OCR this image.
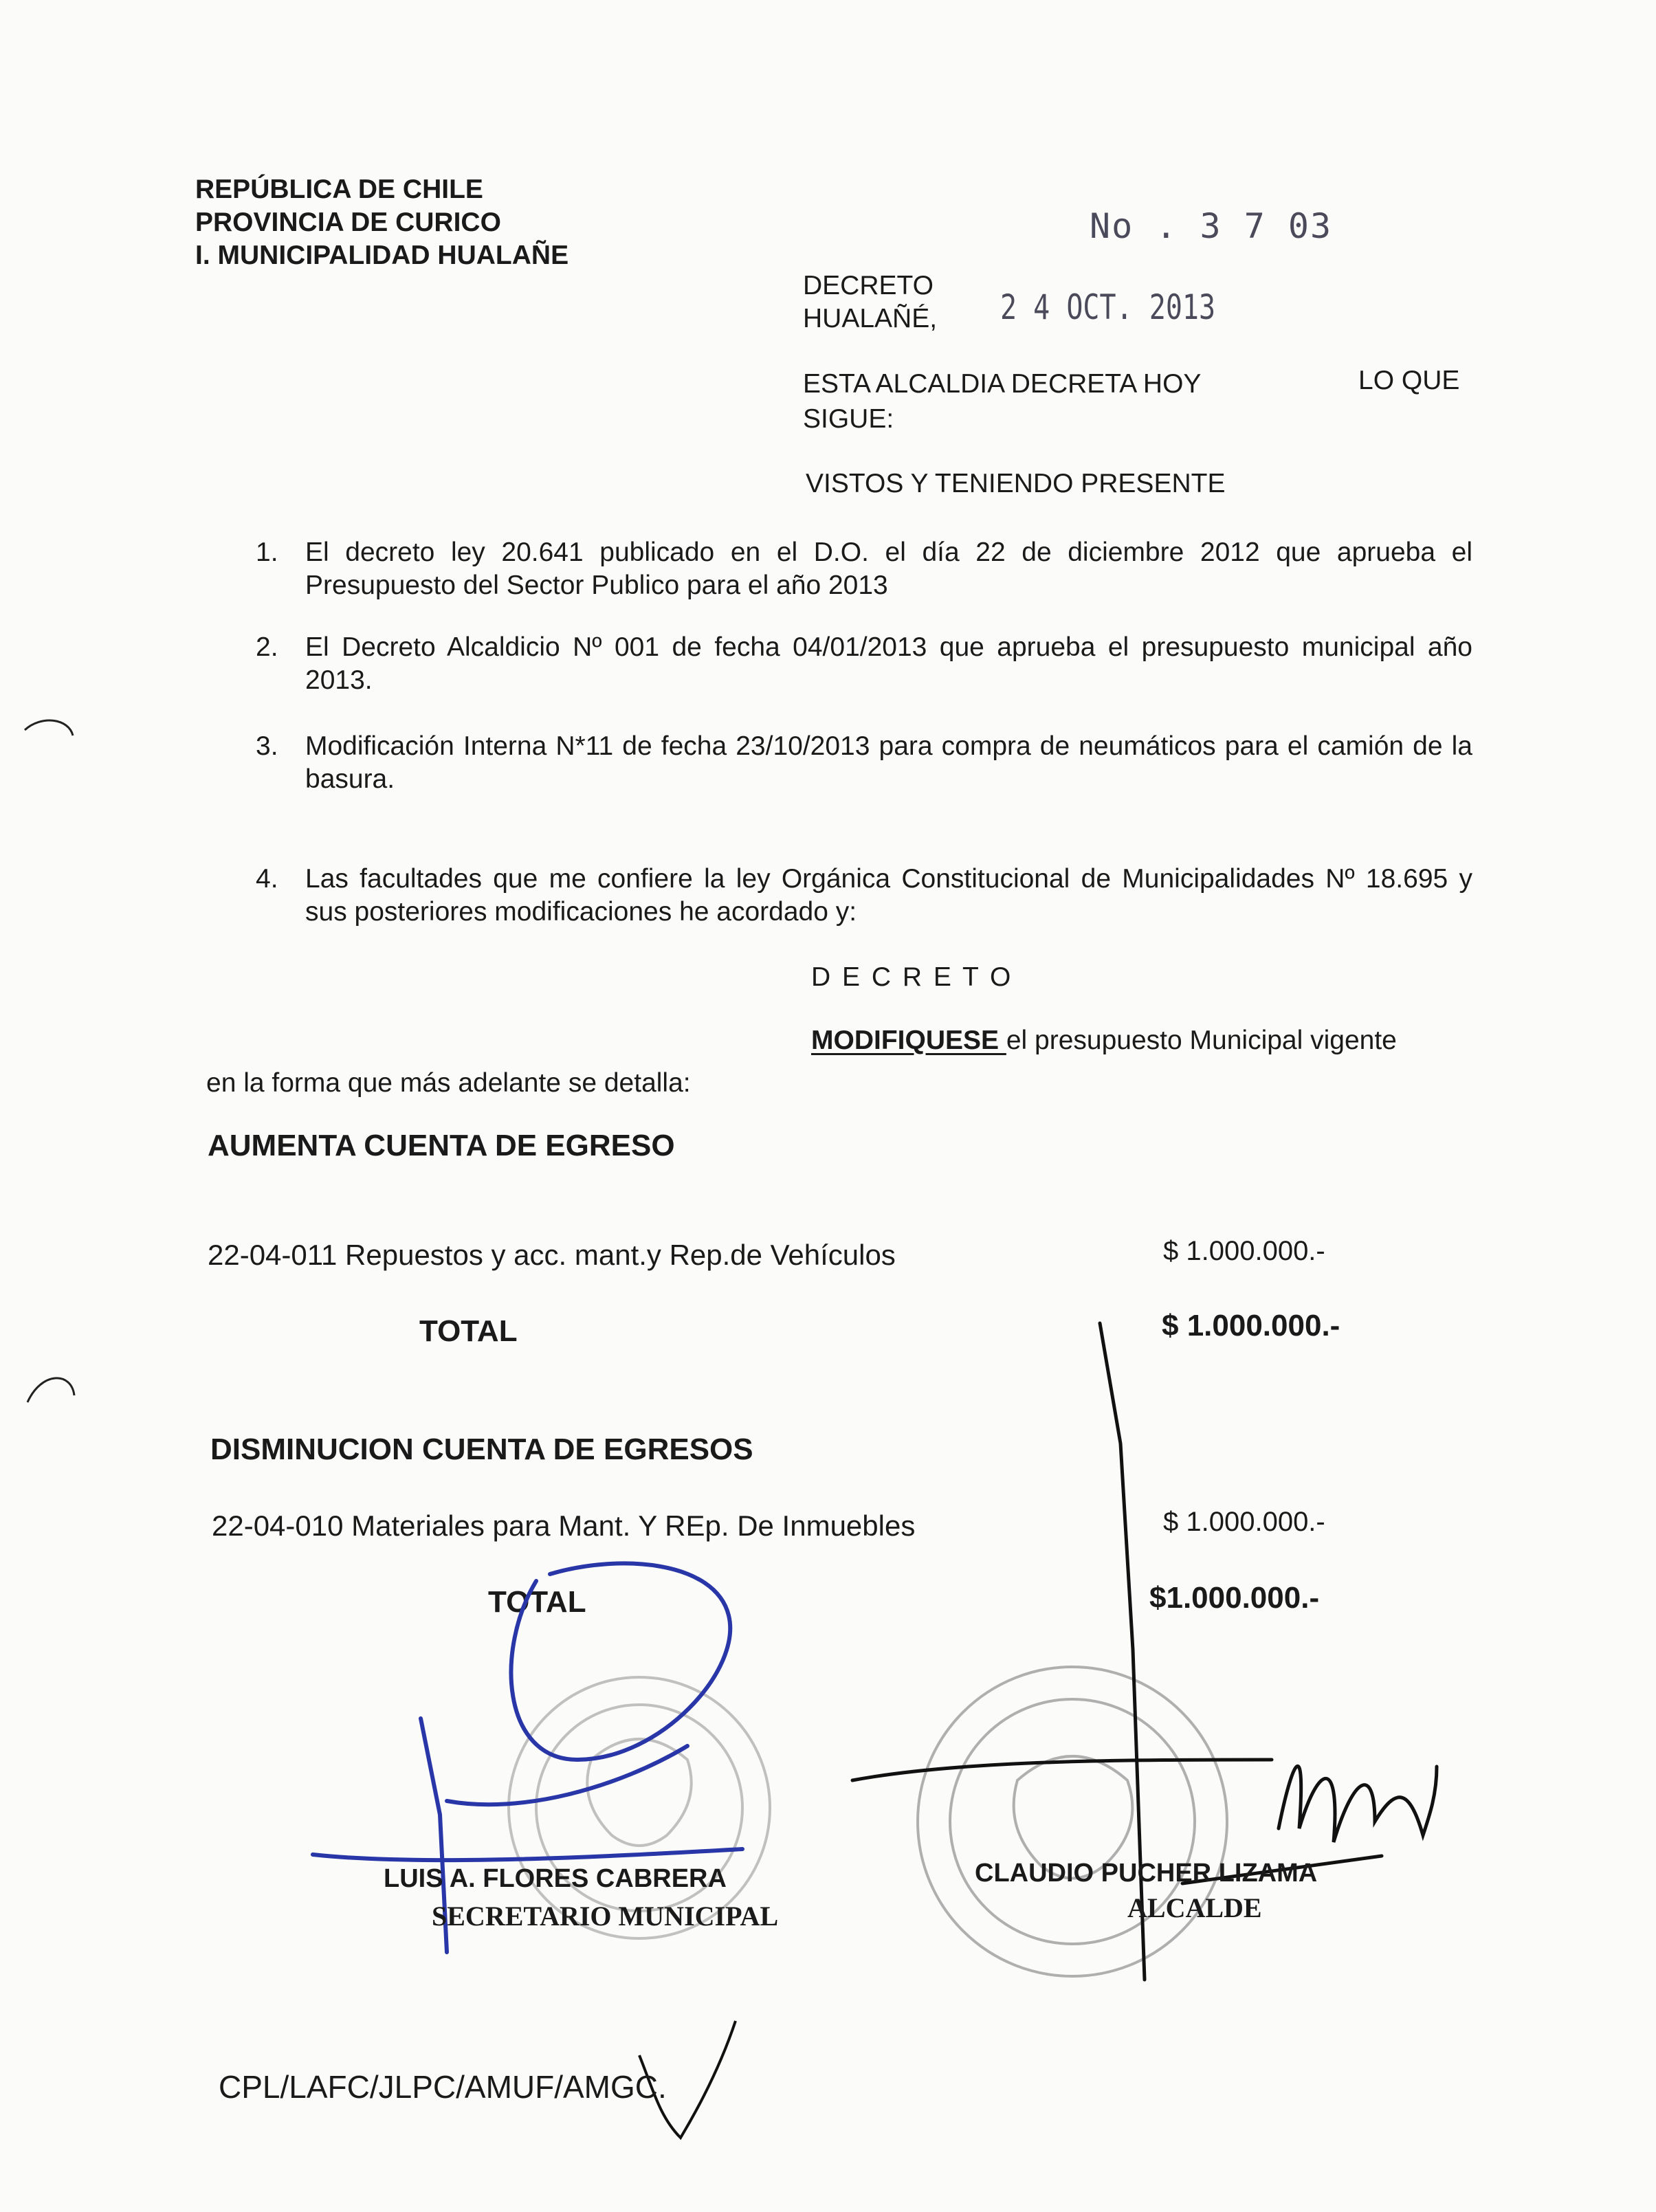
REPÚBLICA DE CHILE
PROVINCIA DE CURICO
I. MUNICIPALIDAD HUALAÑE
No . 3 7 03
2 4 OCT. 2013
DECRETO
HUALAÑÉ,
ESTA ALCALDIA DECRETA HOY	LO QUE
SIGUE:
VISTOS Y TENIENDO PRESENTE
1. El decreto ley 20.641 publicado en el D.O. el día 22 de diciembre 2012 que aprueba el Presupuesto del Sector Publico para el año 2013
2. El Decreto Alcaldicio Nº 001 de fecha 04/01/2013 que aprueba el presupuesto municipal año 2013.
3. Modificación Interna N*11 de fecha 23/10/2013 para compra de neumáticos para el camión de la basura.
4. Las facultades que me confiere la ley Orgánica Constitucional de Municipalidades Nº 18.695 y sus posteriores modificaciones he acordado y:
D E C R E T O
MODIFIQUESE el presupuesto Municipal vigente
en la forma que más adelante se detalla:
AUMENTA CUENTA DE EGRESO
22-04-011 Repuestos y acc. mant.y Rep.de Vehículos	$ 1.000.000.-
TOTAL	$ 1.000.000.-
DISMINUCION CUENTA DE EGRESOS
22-04-010 Materiales para Mant. Y REp. De Inmuebles	$ 1.000.000.-
TOTAL	$1.000.000.-
LUIS A. FLORES CABRERA
SECRETARIO MUNICIPAL
CLAUDIO PUCHER LIZAMA
ALCALDE
CPL/LAFC/JLPC/AMUF/AMGC.
